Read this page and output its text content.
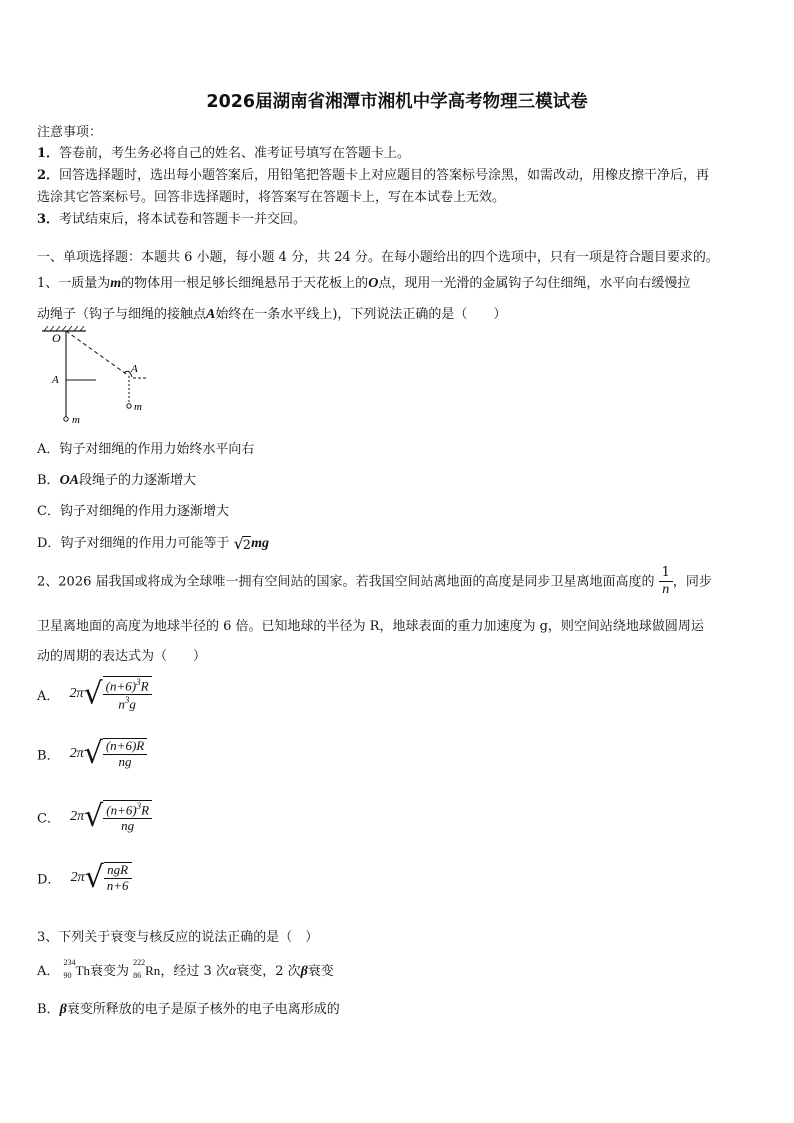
2026届湖南省湘潭市湘机中学高考物理三模试卷
注意事项：
1．答卷前，考生务必将自己的姓名、准考证号填写在答题卡上。
2．回答选择题时，选出每小题答案后，用铅笔把答题卡上对应题目的答案标号涂黑，如需改动，用橡皮擦干净后，再
选涂其它答案标号。回答非选择题时，将答案写在答题卡上，写在本试卷上无效。
3．考试结束后，将本试卷和答题卡一并交回。
一、单项选择题：本题共 6 小题，每小题 4 分，共 24 分。在每小题给出的四个选项中，只有一项是符合题目要求的。
1、一质量为m的物体用一根足够长细绳悬吊于天花板上的O点，现用一光滑的金属钩子勾住细绳，水平向右缓慢拉
动绳子（钩子与细绳的接触点A始终在一条水平线上)，下列说法正确的是（　　）
O
A
A
m
m
A．钩子对细绳的作用力始终水平向右
B．OA段绳子的力逐渐增大
C．钩子对细绳的作用力逐渐增大
D．钩子对细绳的作用力可能等于 √2mg
2、2026 届我国或将成为全球唯一拥有空间站的国家。若我国空间站离地面的高度是同步卫星离地面高度的 $\frac{1}{n}$ ，同步
卫星离地面的高度为地球半径的 6 倍。已知地球的半径为 R，地球表面的重力加速度为 g，则空间站绕地球做圆周运
动的周期的表达式为（　　）
A． $2\pi√ \frac{(n+6)^3R}{n^3g}$
B． $2\pi√ \frac{(n+6)R}{ng}$
C． $2\pi√ \frac{(n+6)^3R}{ng}$
D． $2\pi√ \frac{\text{ngR}}{n+6}$
3、下列关于衰变与核反应的说法正确的是（　）
A．
234
90 Th衰变为
222
86 Rn，经过 3 次α衰变，2 次β衰变
B．β衰变所释放的电子是原子核外的电子电离形成的
